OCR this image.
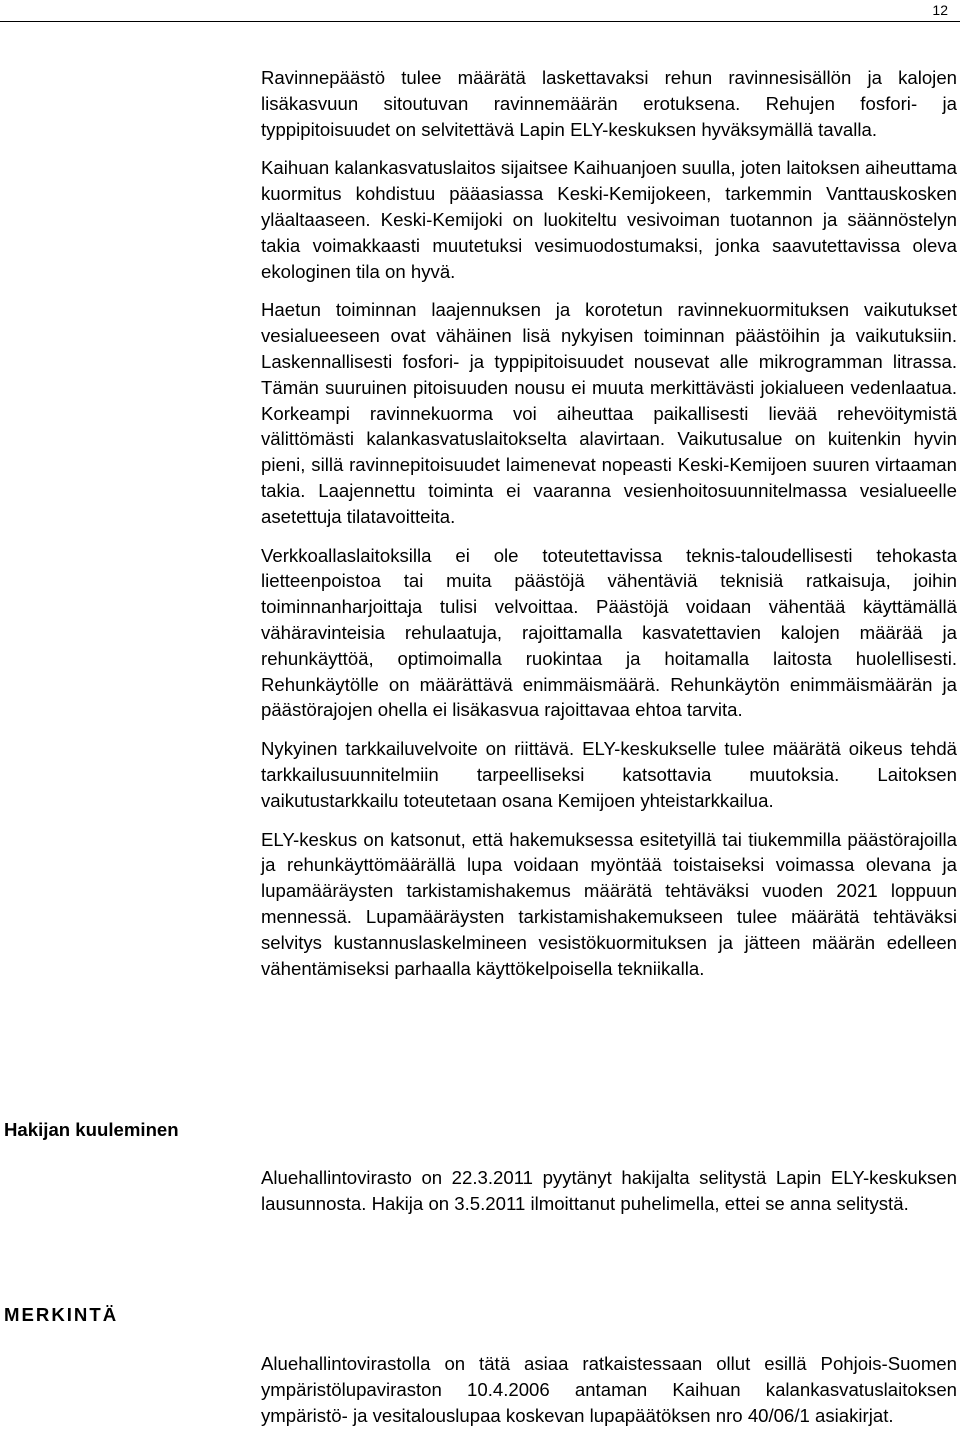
12

Ravinnepäästö tulee määrätä laskettavaksi rehun ravinnesisällön ja kalojen lisäkasvuun sitoutuvan ravinnemäärän erotuksena. Rehujen fosfori- ja typpipitoisuudet on selvitettävä Lapin ELY-keskuksen hyväksymällä tavalla.

Kaihuan kalankasvatuslaitos sijaitsee Kaihuanjoen suulla, joten laitoksen aiheuttama kuormitus kohdistuu pääasiassa Keski-Kemijokeen, tarkemmin Vanttauskosken yläaltaaseen. Keski-Kemijoki on luokiteltu vesivoiman tuotannon ja säännöstelyn takia voimakkaasti muutetuksi vesimuodostumaksi, jonka saavutettavissa oleva ekologinen tila on hyvä.

Haetun toiminnan laajennuksen ja korotetun ravinnekuormituksen vaikutukset vesialueeseen ovat vähäinen lisä nykyisen toiminnan päästöihin ja vaikutuksiin. Laskennallisesti fosfori- ja typpipitoisuudet nousevat alle mikrogramman litrassa. Tämän suuruinen pitoisuuden nousu ei muuta merkittävästi jokialueen vedenlaatua. Korkeampi ravinnekuorma voi aiheuttaa paikallisesti lievää rehevöitymistä välittömästi kalankasvatuslaitokselta alavirtaan. Vaikutusalue on kuitenkin hyvin pieni, sillä ravinnepitoisuudet laimenevat nopeasti Keski-Kemijoen suuren virtaaman takia. Laajennettu toiminta ei vaaranna vesienhoitosuunnitelmassa vesialueelle asetettuja tilatavoitteita.

Verkkoallaslaitoksilla ei ole toteutettavissa teknis-taloudellisesti tehokasta lietteenpoistoa tai muita päästöjä vähentäviä teknisiä ratkaisuja, joihin toiminnanharjoittaja tulisi velvoittaa. Päästöjä voidaan vähentää käyttämällä vähäravinteisia rehulaatuja, rajoittamalla kasvatettavien kalojen määrää ja rehunkäyttöä, optimoimalla ruokintaa ja hoitamalla laitosta huolellisesti. Rehunkäytölle on määrättävä enimmäismäärä. Rehunkäytön enimmäismäärän ja päästörajojen ohella ei lisäkasvua rajoittavaa ehtoa tarvita.

Nykyinen tarkkailuvelvoite on riittävä. ELY-keskukselle tulee määrätä oikeus tehdä tarkkailusuunnitelmiin tarpeelliseksi katsottavia muutoksia. Laitoksen vaikutustarkkailu toteutetaan osana Kemijoen yhteistarkkailua.

ELY-keskus on katsonut, että hakemuksessa esitetyillä tai tiukemmilla päästörajoilla ja rehunkäyttömäärällä lupa voidaan myöntää toistaiseksi voimassa olevana ja lupamääräysten tarkistamishakemus määrätä tehtäväksi vuoden 2021 loppuun mennessä. Lupamääräysten tarkistamishakemukseen tulee määrätä tehtäväksi selvitys kustannuslaskelmineen vesistökuormituksen ja jätteen määrän edelleen vähentämiseksi parhaalla käyttökelpoisella tekniikalla.

Hakijan kuuleminen

Aluehallintovirasto on 22.3.2011 pyytänyt hakijalta selitystä Lapin ELY-keskuksen lausunnosta. Hakija on 3.5.2011 ilmoittanut puhelimella, ettei se anna selitystä.

MERKINTÄ

Aluehallintovirastolla on tätä asiaa ratkaistessaan ollut esillä Pohjois-Suomen ympäristölupaviraston 10.4.2006 antaman Kaihuan kalankasvatuslaitoksen ympäristö- ja vesitalouslupaa koskevan lupapäätöksen nro 40/06/1 asiakirjat.
